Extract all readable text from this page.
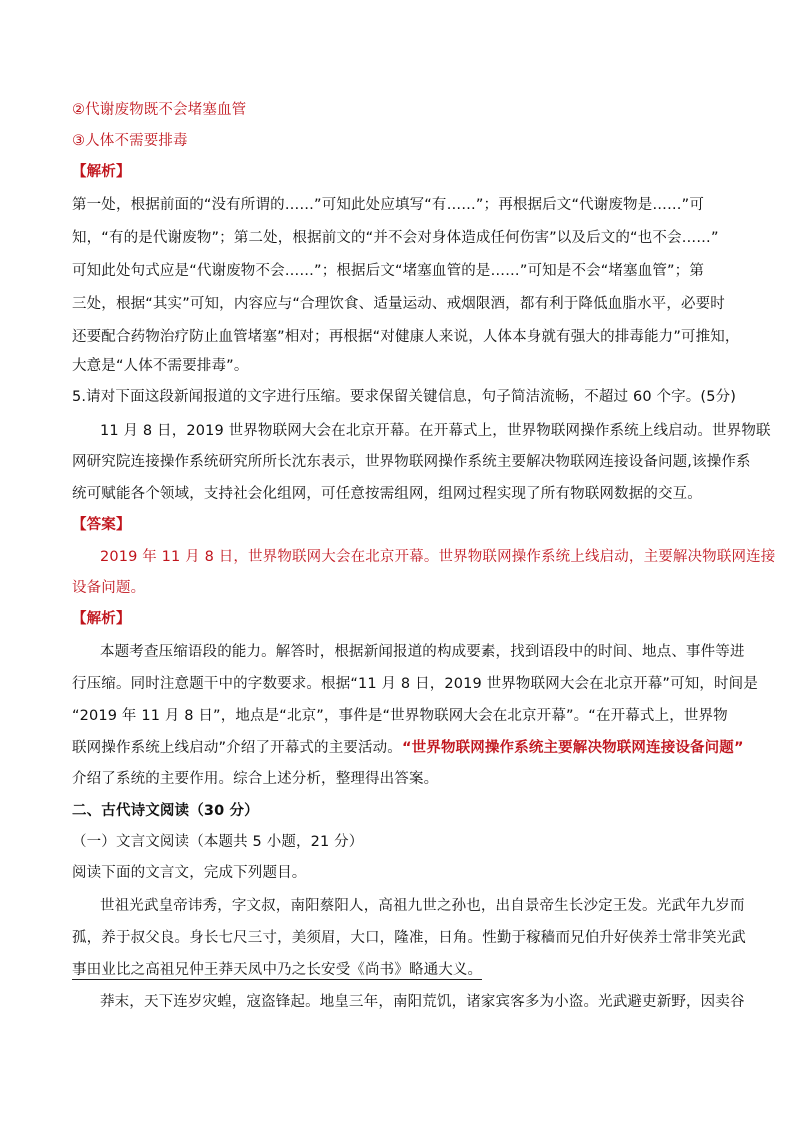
②代谢废物既不会堵塞血管
③人体不需要排毒
【解析】
第一处，根据前面的“没有所谓的……”可知此处应填写“有……”；再根据后文“代谢废物是……”可
知，“有的是代谢废物”；第二处，根据前文的“并不会对身体造成任何伤害”以及后文的“也不会……”
可知此处句式应是“代谢废物不会……”；根据后文“堵塞血管的是……”可知是不会“堵塞血管”；第
三处，根据“其实”可知，内容应与“合理饮食、适量运动、戒烟限酒，都有利于降低血脂水平，必要时
还要配合药物治疗防止血管堵塞”相对；再根据“对健康人来说，人体本身就有强大的排毒能力”可推知，
大意是“人体不需要排毒”。
5.请对下面这段新闻报道的文字进行压缩。要求保留关键信息，句子简洁流畅，不超过 60 个字。(5分)
11 月 8 日，2019 世界物联网大会在北京开幕。在开幕式上，世界物联网操作系统上线启动。世界物联
网研究院连接操作系统研究所所长沈东表示，世界物联网操作系统主要解决物联网连接设备问题,该操作系
统可赋能各个领域，支持社会化组网，可任意按需组网，组网过程实现了所有物联网数据的交互。
【答案】
2019 年 11 月 8 日，世界物联网大会在北京开幕。世界物联网操作系统上线启动，主要解决物联网连接
设备问题。
【解析】
本题考查压缩语段的能力。解答时，根据新闻报道的构成要素，找到语段中的时间、地点、事件等进
行压缩。同时注意题干中的字数要求。根据“11 月 8 日，2019 世界物联网大会在北京开幕”可知，时间是
“2019 年 11 月 8 日”，地点是“北京”，事件是“世界物联网大会在北京开幕”。“在开幕式上，世界物
联网操作系统上线启动”介绍了开幕式的主要活动。“世界物联网操作系统主要解决物联网连接设备问题”
介绍了系统的主要作用。综合上述分析，整理得出答案。
二、古代诗文阅读（30 分）
（一）文言文阅读（本题共 5 小题，21 分）
阅读下面的文言文，完成下列题目。
世祖光武皇帝讳秀，字文叔，南阳蔡阳人，高祖九世之孙也，出自景帝生长沙定王发。光武年九岁而
孤，养于叔父良。身长七尺三寸，美须眉，大口，隆准，日角。性勤于稼穑而兄伯升好侠养士常非笑光武
事田业比之高祖兄仲王莽天凤中乃之长安受《尚书》略通大义。
莽末，天下连岁灾蝗，寇盗锋起。地皇三年，南阳荒饥，诸家宾客多为小盗。光武避吏新野，因卖谷
